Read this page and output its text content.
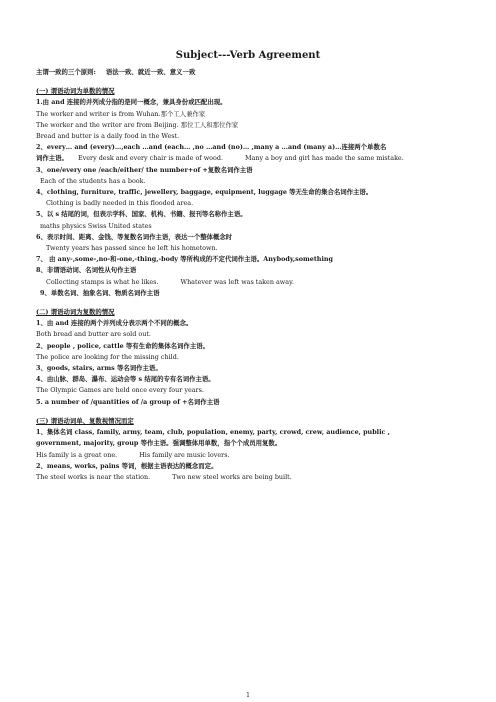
Subject---Verb Agreement
主谓一致的三个原则: 语法一致、就近一致、意义一致
(一) 谓语动词为单数的情况
1.由 and 连接的并列成分指的是同一概念，兼具身份或匹配出现。
The worker and writer is from Wuhan.那个工人兼作家
The worker and the writer are from Beijing. 那位工人和那位作家
Bread and butter is a daily food in the West.
2、every… and (every)…,each …and (each… ,no …and (no)… ,many a …and (many a)…连接两个单数名
词作主语。 Every desk and every chair is made of wood.	Many a boy and girl has made the same mistake.
3、one/every one /each/either/ the number+of +复数名词作主语
Each of the students has a book.
4、clothing, furniture, traffic, jewellery, baggage, equipment, luggage 等无生命的集合名词作主语。
Clothing is badly needed in this flooded area.
5、以 s 结尾的词，但表示学科、国家、机构、书籍、报刊等名称作主语。
maths physics Swiss United states
6、表示时间、距离、金钱、等复数名词作主语，表达一个整体概念时
Twenty years has passed since he left his hometown.
7、 由 any-,some-,no-和-one,-thing,-body 等所构成的不定代词作主语。Anybody,something
8、非谓语动词、名词性从句作主语
Collecting stamps is what he likes.	Whatever was left was taken away.
9、单数名词、抽象名词、物质名词作主语
(二) 谓语动词为复数的情况
1、由 and 连接的两个并列成分表示两个不同的概念。
Both bread and butter are sold out.
2、people , police, cattle 等有生命的集体名词作主语。
The police are looking for the missing child.
3、goods, stairs, arms 等名词作主语。
4、由山脉、群岛、瀑布、运动会等 s 结尾的专有名词作主语。
The Olympic Games are held once every four years.
5. a number of /quantities of /a group of +名词作主语
(三) 谓语动词单、复数视情况而定
1、集体名词 class, family, army, team, club, population, enemy, party, crowd, crew, audience, public ,
government, majority, group 等作主语。强调整体用单数，指个个成员用复数。
His family is a great one.	His family are music lovers.
2、means, works, pains 等词，根据主语表达的概念而定。
The steel works is near the station.	Two new steel works are being built.
1
